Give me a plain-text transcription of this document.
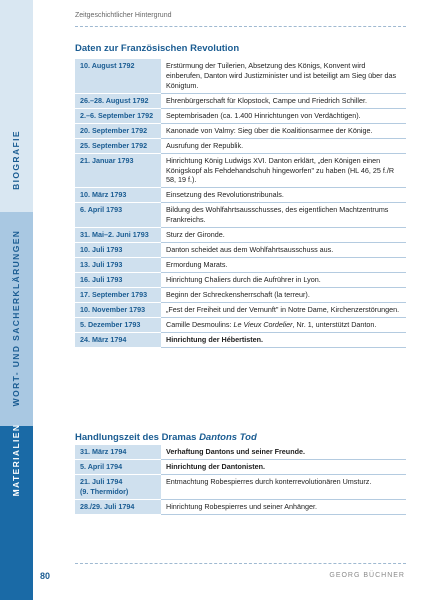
BIOGRAFIE
WORT- UND SACHERKLÄRUNGEN
MATERIALIEN
Zeitgeschichtlicher Hintergrund
Daten zur Französischen Revolution
10. August 1792	Erstürmung der Tuilerien, Absetzung des Königs, Konvent wird einberufen, Danton wird Justizminister und ist beteiligt am Sieg über das Königtum.
26.–28. August 1792	Ehrenbürgerschaft für Klopstock, Campe und Friedrich Schiller.
2.–6. September 1792	Septembrisaden (ca. 1.400 Hinrichtungen von Verdächtigen).
20. September 1792	Kanonade von Valmy: Sieg über die Koalitionsarmee der Könige.
25. September 1792	Ausrufung der Republik.
21. Januar 1793	Hinrichtung König Ludwigs XVI. Danton erklärt, „den Königen einen Königskopf als Fehdehandschuh hingeworfen" zu haben (HL 46, 25 f./R 58, 19 f.).
10. März 1793	Einsetzung des Revolutionstribunals.
6. April 1793	Bildung des Wohlfahrtsausschusses, des eigentlichen Machtzentrums Frankreichs.
31. Mai–2. Juni 1793	Sturz der Gironde.
10. Juli 1793	Danton scheidet aus dem Wohlfahrtsausschuss aus.
13. Juli 1793	Ermordung Marats.
16. Juli 1793	Hinrichtung Chaliers durch die Aufrührer in Lyon.
17. September 1793	Beginn der Schreckensherrschaft (la terreur).
10. November 1793	„Fest der Freiheit und der Vernunft" in Notre Dame, Kirchenzerstörungen.
5. Dezember 1793	Camille Desmoulins: Le Vieux Cordelier, Nr. 1, unterstützt Danton.
24. März 1794	Hinrichtung der Hébertisten.
Handlungszeit des Dramas Dantons Tod
31. März 1794	Verhaftung Dantons und seiner Freunde.
5. April 1794	Hinrichtung der Dantonisten.

21. Juli 1794
(9. Thermidor)	Entmachtung Robespierres durch konterrevolutionären Umsturz.
28./29. Juli 1794	Hinrichtung Robespierres und seiner Anhänger.
80	GEORG BÜCHNER
